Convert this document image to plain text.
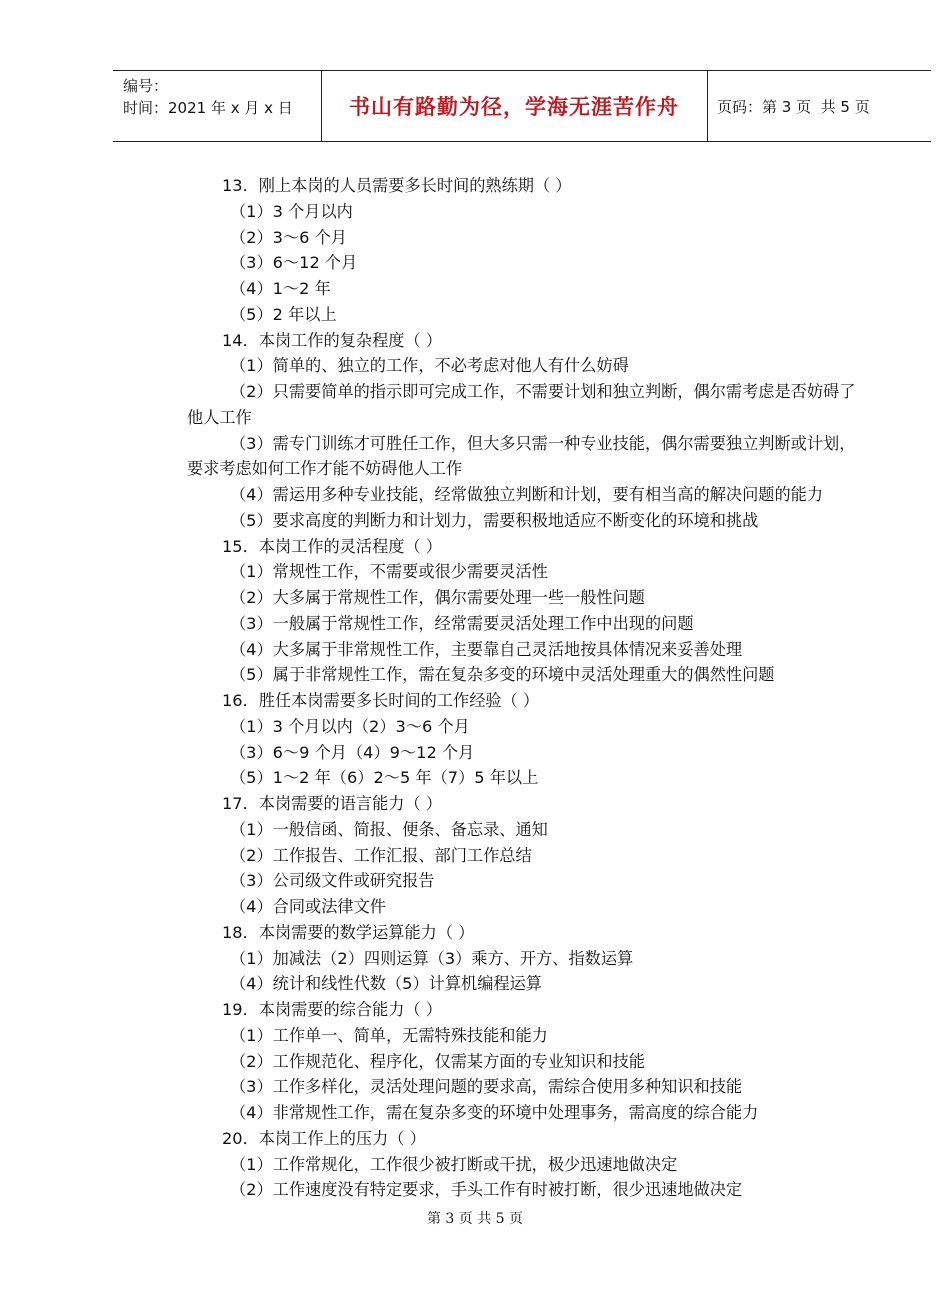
编号：
时间：2021 年 x 月 x 日	书山有路勤为径，学海无涯苦作舟	页码：第 3 页  共 5 页

13．刚上本岗的人员需要多长时间的熟练期（ ）

（1）3 个月以内

（2）3～6 个月

（3）6～12 个月

（4）1～2 年

（5）2 年以上

14．本岗工作的复杂程度（ ）

（1）简单的、独立的工作，不必考虑对他人有什么妨碍

（2）只需要简单的指示即可完成工作，不需要计划和独立判断，偶尔需考虑是否妨碍了他人工作

（3）需专门训练才可胜任工作，但大多只需一种专业技能，偶尔需要独立判断或计划，要求考虑如何工作才能不妨碍他人工作

（4）需运用多种专业技能，经常做独立判断和计划，要有相当高的解决问题的能力

（5）要求高度的判断力和计划力，需要积极地适应不断变化的环境和挑战

15．本岗工作的灵活程度（ ）

（1）常规性工作，不需要或很少需要灵活性

（2）大多属于常规性工作，偶尔需要处理一些一般性问题

（3）一般属于常规性工作，经常需要灵活处理工作中出现的问题

（4）大多属于非常规性工作，主要靠自己灵活地按具体情况来妥善处理

（5）属于非常规性工作，需在复杂多变的环境中灵活处理重大的偶然性问题

16．胜任本岗需要多长时间的工作经验（ ）

（1）3 个月以内（2）3～6 个月

（3）6～9 个月（4）9～12 个月

（5）1～2 年（6）2～5 年（7）5 年以上

17．本岗需要的语言能力（ ）

（1）一般信函、简报、便条、备忘录、通知

（2）工作报告、工作汇报、部门工作总结

（3）公司级文件或研究报告

（4）合同或法律文件

18．本岗需要的数学运算能力（ ）

（1）加减法（2）四则运算（3）乘方、开方、指数运算

（4）统计和线性代数（5）计算机编程运算

19．本岗需要的综合能力（ ）

（1）工作单一、简单，无需特殊技能和能力

（2）工作规范化、程序化，仅需某方面的专业知识和技能

（3）工作多样化，灵活处理问题的要求高，需综合使用多种知识和技能

（4）非常规性工作，需在复杂多变的环境中处理事务，需高度的综合能力

20．本岗工作上的压力（ ）

（1）工作常规化，工作很少被打断或干扰，极少迅速地做决定

（2）工作速度没有特定要求，手头工作有时被打断，很少迅速地做决定

第 3 页 共 5 页
